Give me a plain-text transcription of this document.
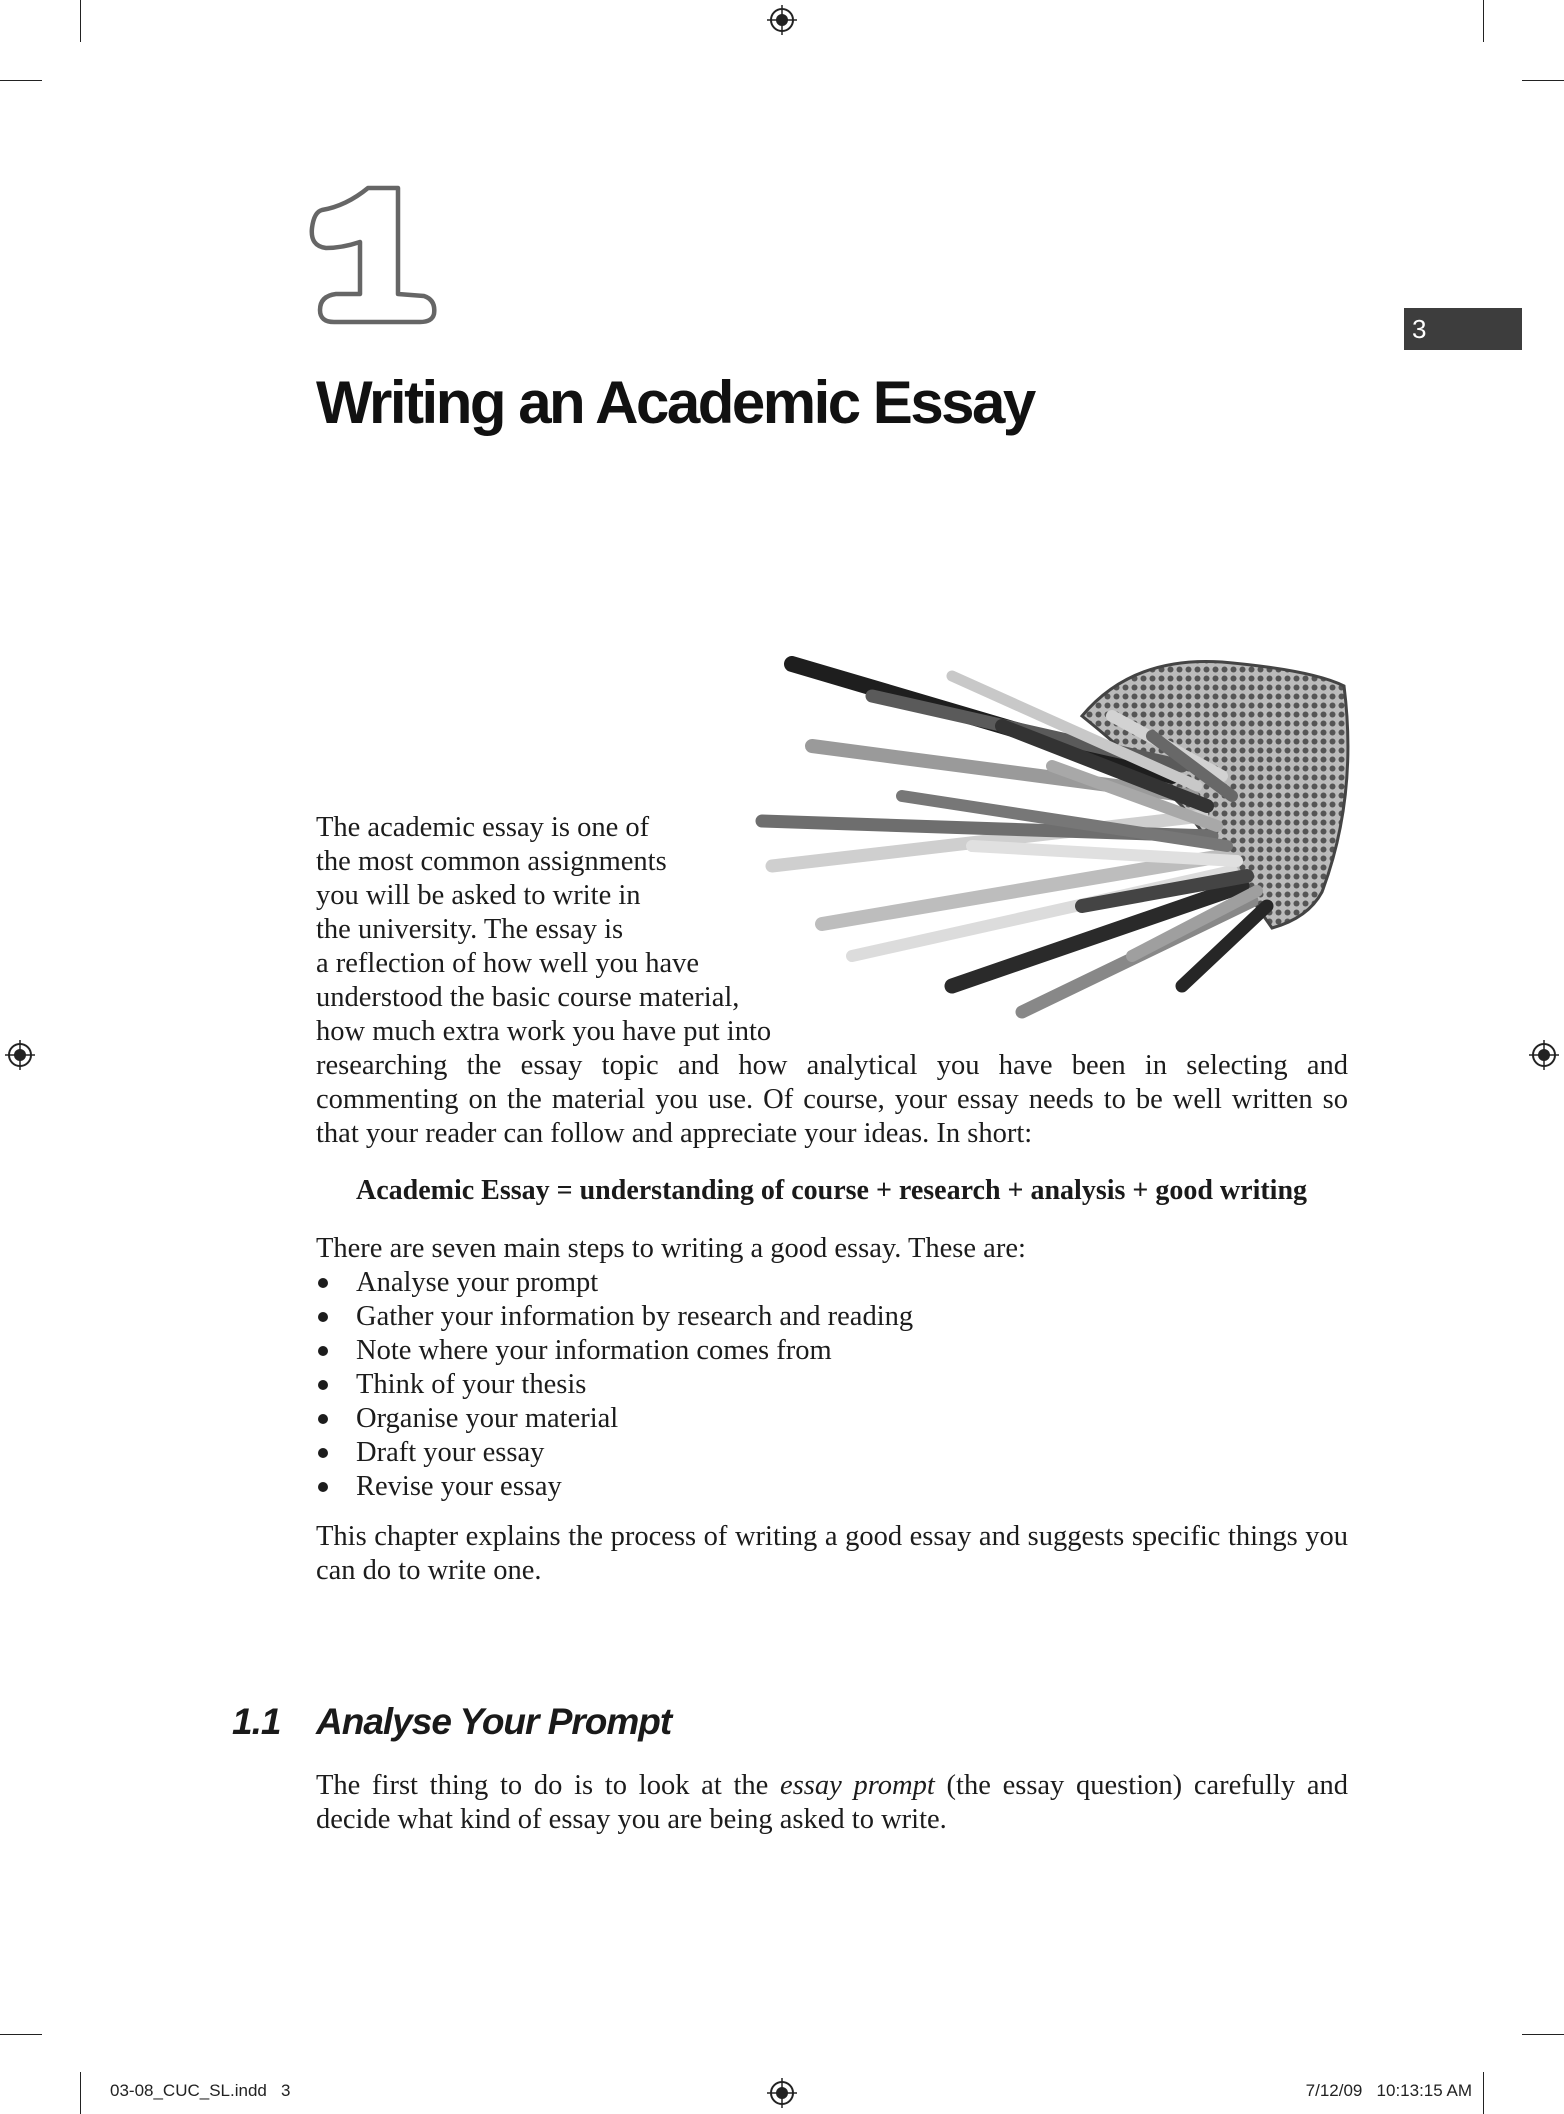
3
Writing an Academic Essay
The academic essay is one of
the most common assignments
you will be asked to write in
the university. The essay is
a reflection of how well you have
understood the basic course material,
how much extra work you have put into

researching the essay topic and how analytical you have been in selecting and commenting on the material you use. Of course, your essay needs to be well written so that your reader can follow and appreciate your ideas. In short:

Academic Essay = understanding of course + research + analysis + good writing

There are seven main steps to writing a good essay. These are:

Analyse your prompt
Gather your information by research and reading
Note where your information comes from
Think of your thesis
Organise your material
Draft your essay
Revise your essay

This chapter explains the process of writing a good essay and suggests specific things you can do to write one.

1.1 Analyse Your Prompt

The first thing to do is to look at the essay prompt (the essay question) carefully and decide what kind of essay you are being asked to write.

03-08_CUC_SL.indd   3	7/12/09   10:13:15 AM
